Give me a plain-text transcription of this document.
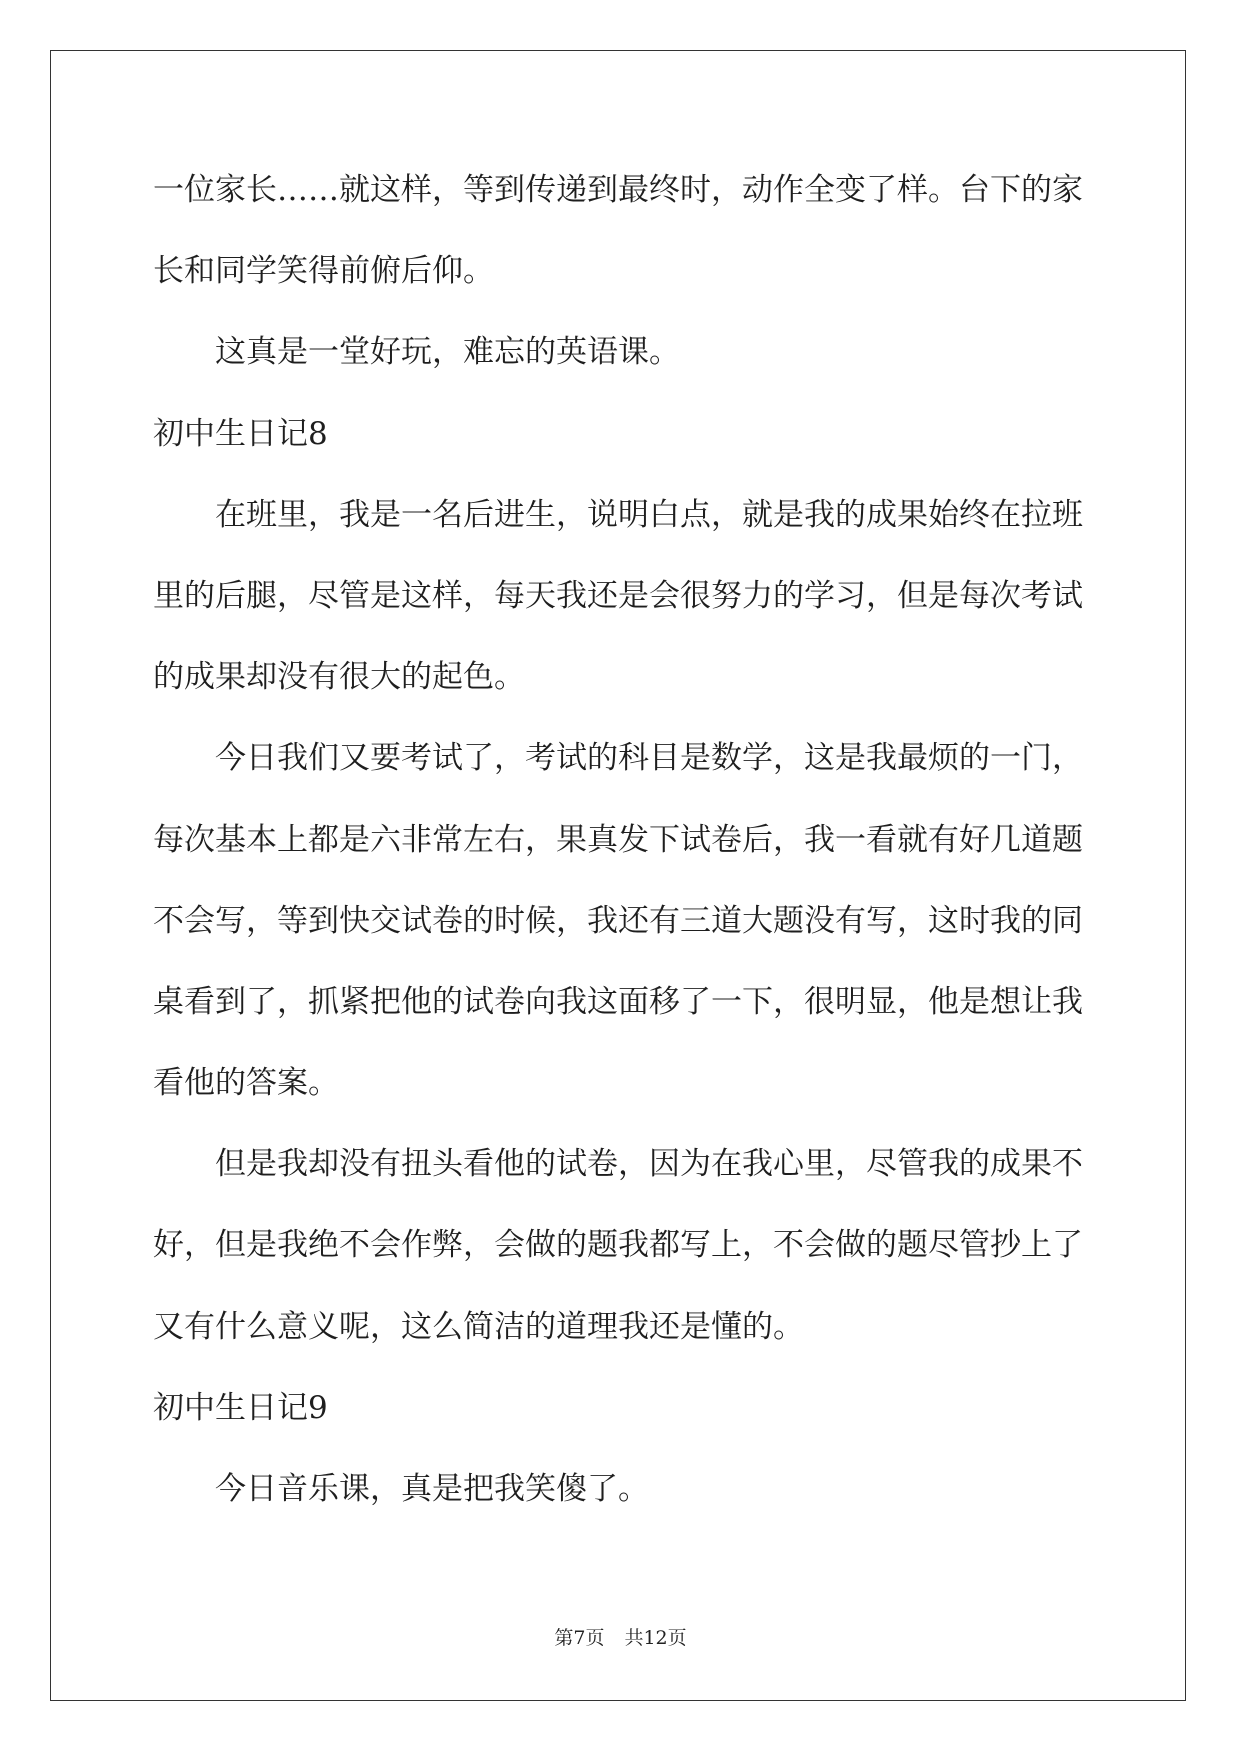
一位家长……就这样，等到传递到最终时，动作全变了样。台下的家
长和同学笑得前俯后仰。
这真是一堂好玩，难忘的英语课。
初中生日记8
在班里，我是一名后进生，说明白点，就是我的成果始终在拉班
里的后腿，尽管是这样，每天我还是会很努力的学习，但是每次考试
的成果却没有很大的起色。
今日我们又要考试了，考试的科目是数学，这是我最烦的一门，
每次基本上都是六非常左右，果真发下试卷后，我一看就有好几道题
不会写，等到快交试卷的时候，我还有三道大题没有写，这时我的同
桌看到了，抓紧把他的试卷向我这面移了一下，很明显，他是想让我
看他的答案。
但是我却没有扭头看他的试卷，因为在我心里，尽管我的成果不
好，但是我绝不会作弊，会做的题我都写上，不会做的题尽管抄上了
又有什么意义呢，这么简洁的道理我还是懂的。
初中生日记9
今日音乐课，真是把我笑傻了。
第7页 共12页
